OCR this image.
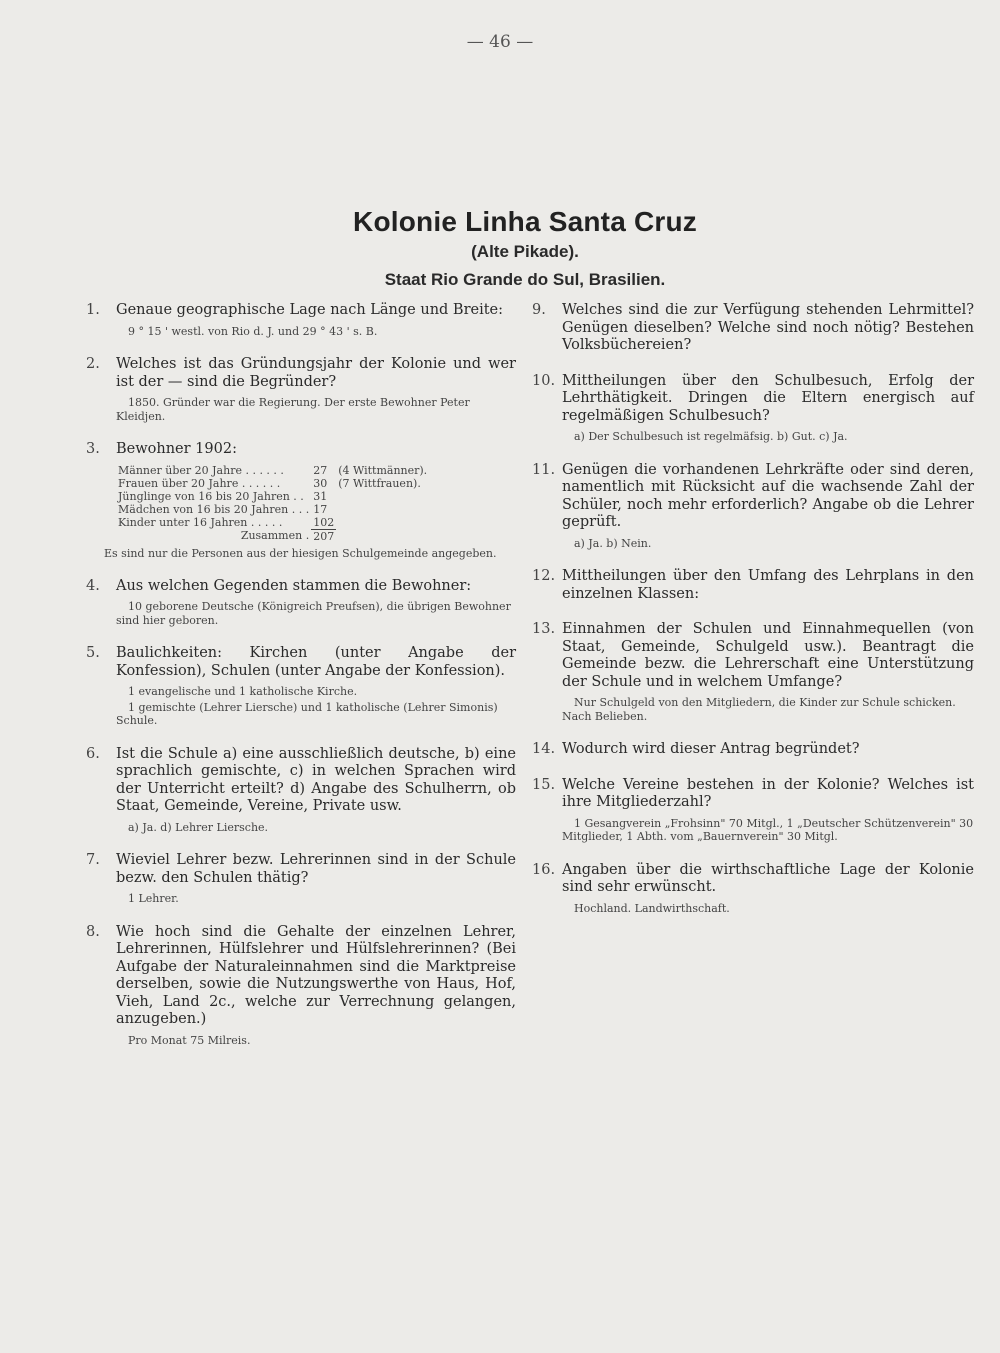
— 46 —
Kolonie Linha Santa Cruz
(Alte Pikade).
Staat Rio Grande do Sul, Brasilien.
1.	Genaue geographische Lage nach Länge und Breite:

9 ° 15 ' westl. von Rio d. J. und 29 ° 43 ' s. B.

2.	Welches ist das Gründungsjahr der Kolonie und wer ist der — sind die Begründer?

1850. Gründer war die Regierung. Der erste Bewohner Peter Kleidjen.

3.	Bewohner 1902:
Männer über 20 Jahre . . . . . .	27	(4 Wittmänner).
Frauen über 20 Jahre . . . . . .	30	(7 Wittfrauen).
Jünglinge von 16 bis 20 Jahren . .	31	
Mädchen von 16 bis 20 Jahren . . .	17	
Kinder unter 16 Jahren . . . . .	102	
Zusammen .	207	
Es sind nur die Personen aus der hiesigen Schulgemeinde angegeben.
4.	Aus welchen Gegenden stammen die Bewohner:

10 geborene Deutsche (Königreich Preufsen), die übrigen Bewohner sind hier geboren.

5.	Baulichkeiten: Kirchen (unter Angabe der Konfession), Schulen (unter Angabe der Konfession).

1 evangelische und 1 katholische Kirche.

1 gemischte (Lehrer Liersche) und 1 katholische (Lehrer Simonis) Schule.

6.	Ist die Schule a) eine ausschließlich deutsche, b) eine sprachlich gemischte, c) in welchen Sprachen wird der Unterricht erteilt? d) Angabe des Schulherrn, ob Staat, Gemeinde, Vereine, Private usw.

a) Ja. d) Lehrer Liersche.

7.	Wieviel Lehrer bezw. Lehrerinnen sind in der Schule bezw. den Schulen thätig?

1 Lehrer.

8.	Wie hoch sind die Gehalte der einzelnen Lehrer, Lehrerinnen, Hülfslehrer und Hülfslehrerinnen? (Bei Aufgabe der Naturaleinnahmen sind die Marktpreise derselben, sowie die Nutzungswerthe von Haus, Hof, Vieh, Land 2c., welche zur Verrechnung gelangen, anzugeben.)

Pro Monat 75 Milreis.

9.	Welches sind die zur Verfügung stehenden Lehrmittel? Genügen dieselben? Welche sind noch nötig? Bestehen Volksbüchereien?
10. Mittheilungen über den Schulbesuch, Erfolg der Lehrthätigkeit. Dringen die Eltern energisch auf regelmäßigen Schulbesuch?

a) Der Schulbesuch ist regelmäfsig. b) Gut. c) Ja.

11. Genügen die vorhandenen Lehrkräfte oder sind deren, namentlich mit Rücksicht auf die wachsende Zahl der Schüler, noch mehr erforderlich? Angabe ob die Lehrer geprüft.

a) Ja. b) Nein.

12. Mittheilungen über den Umfang des Lehrplans in den einzelnen Klassen:
13. Einnahmen der Schulen und Einnahmequellen (von Staat, Gemeinde, Schulgeld usw.). Beantragt die Gemeinde bezw. die Lehrerschaft eine Unterstützung der Schule und in welchem Umfange?

Nur Schulgeld von den Mitgliedern, die Kinder zur Schule schicken. Nach Belieben.

14. Wodurch wird dieser Antrag begründet?
15. Welche Vereine bestehen in der Kolonie? Welches ist ihre Mitgliederzahl?

1 Gesangverein „Frohsinn" 70 Mitgl., 1 „Deutscher Schützenverein" 30 Mitglieder, 1 Abth. vom „Bauernverein" 30 Mitgl.

16. Angaben über die wirthschaftliche Lage der Kolonie sind sehr erwünscht.

Hochland. Landwirthschaft.
